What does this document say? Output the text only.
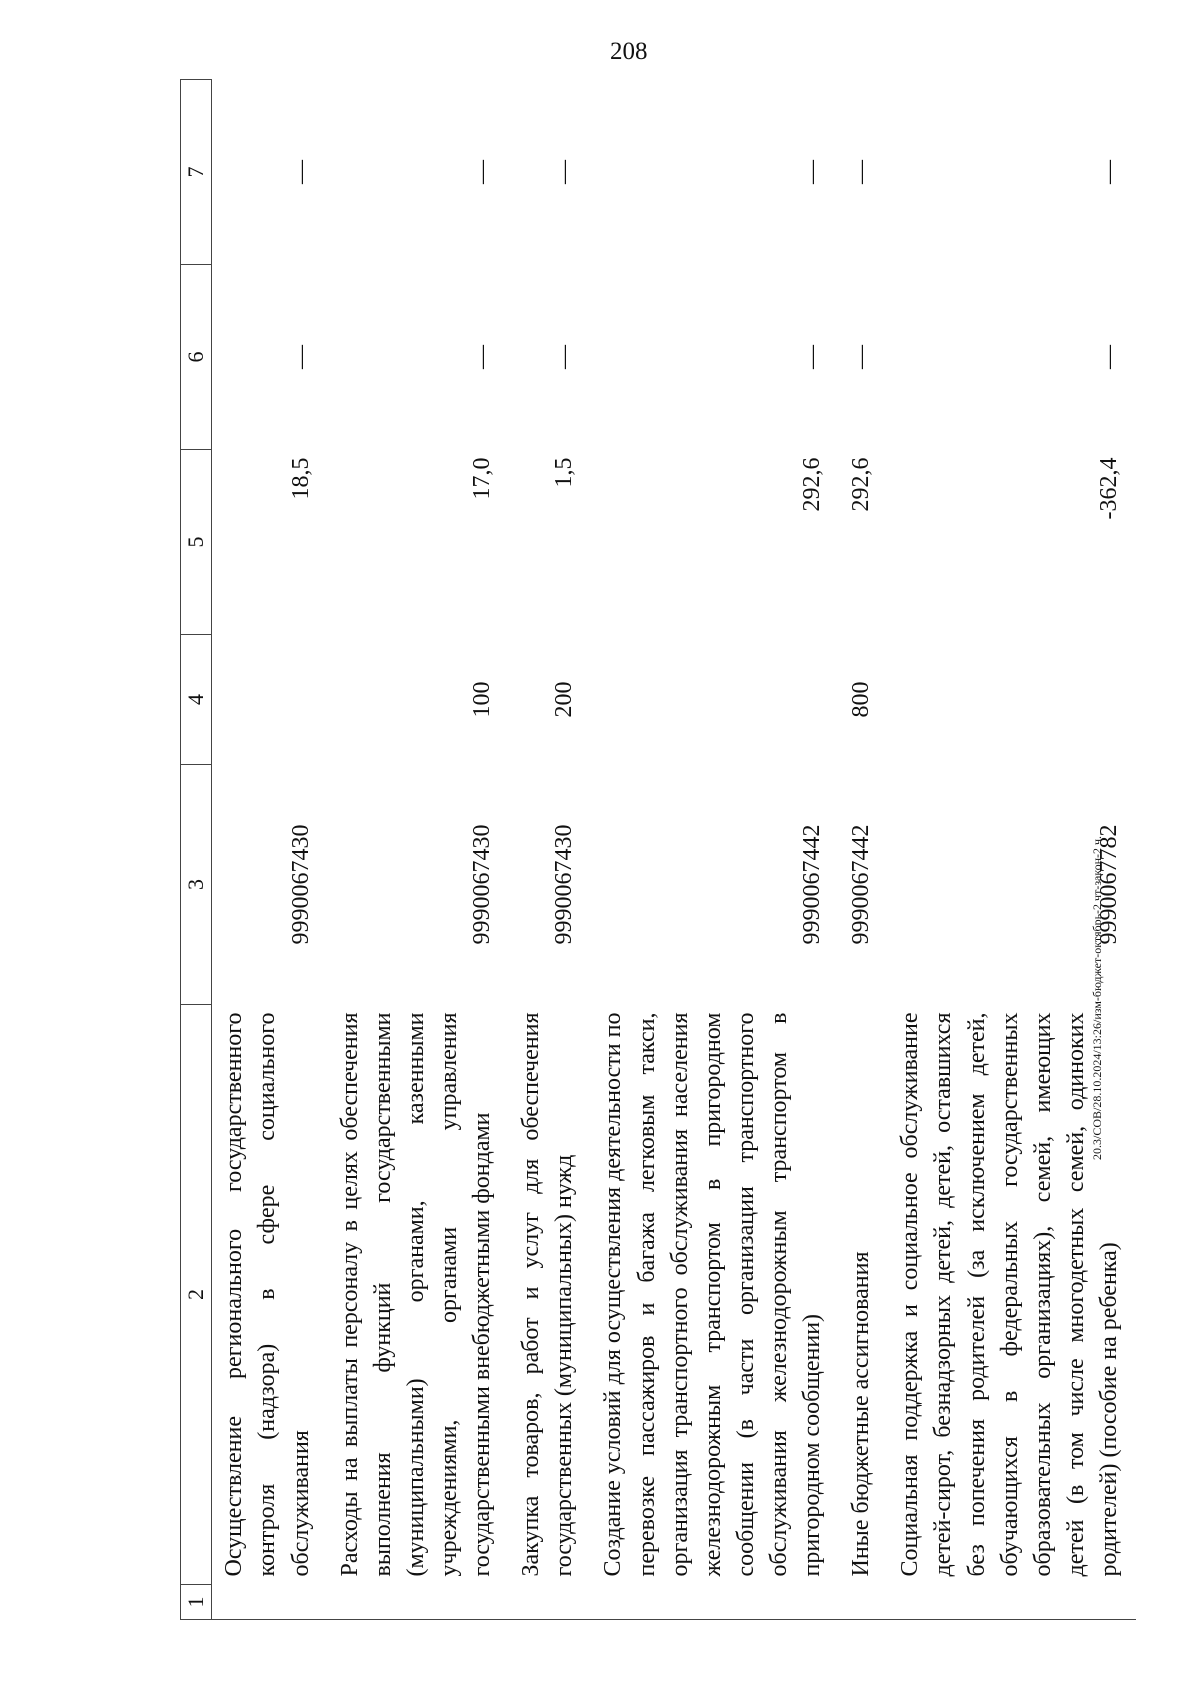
208
1	2	3	4	5	6	7
	Осуществление регионального государственного контроля (надзора) в сфере социального обслуживания	9990067430		18,5	—	—
	Расходы на выплаты персоналу в целях обеспечения выполнения функций государственными (муниципальными) органами, казенными учреждениями, органами управления государственными внебюджетными фондами	9990067430	100	17,0	—	—
	Закупка товаров, работ и услуг для обеспечения государственных (муниципальных) нужд	9990067430	200	1,5	—	—
	Создание условий для осуществления деятельности по перевозке пассажиров и багажа легковым такси, организация транспортного обслуживания населения железнодорожным транспортом в пригородном сообщении (в части организации транспортного обслуживания железнодорожным транспортом в пригородном сообщении)	9990067442		292,6	—	—
	Иные бюджетные ассигнования	9990067442	800	292,6	—	—
	Социальная поддержка и социальное обслуживание детей-сирот, безнадзорных детей, детей, оставшихся без попечения родителей (за исключением детей, обучающихся в федеральных государственных образовательных организациях), семей, имеющих детей (в том числе многодетных семей, одиноких родителей) (пособие на ребенка)	9990067782		-362,4	—	—
20.3/СОВ/28.10.2024/13:26/изм-бюджет-октябрь-2 чт-закон-2 ч.
